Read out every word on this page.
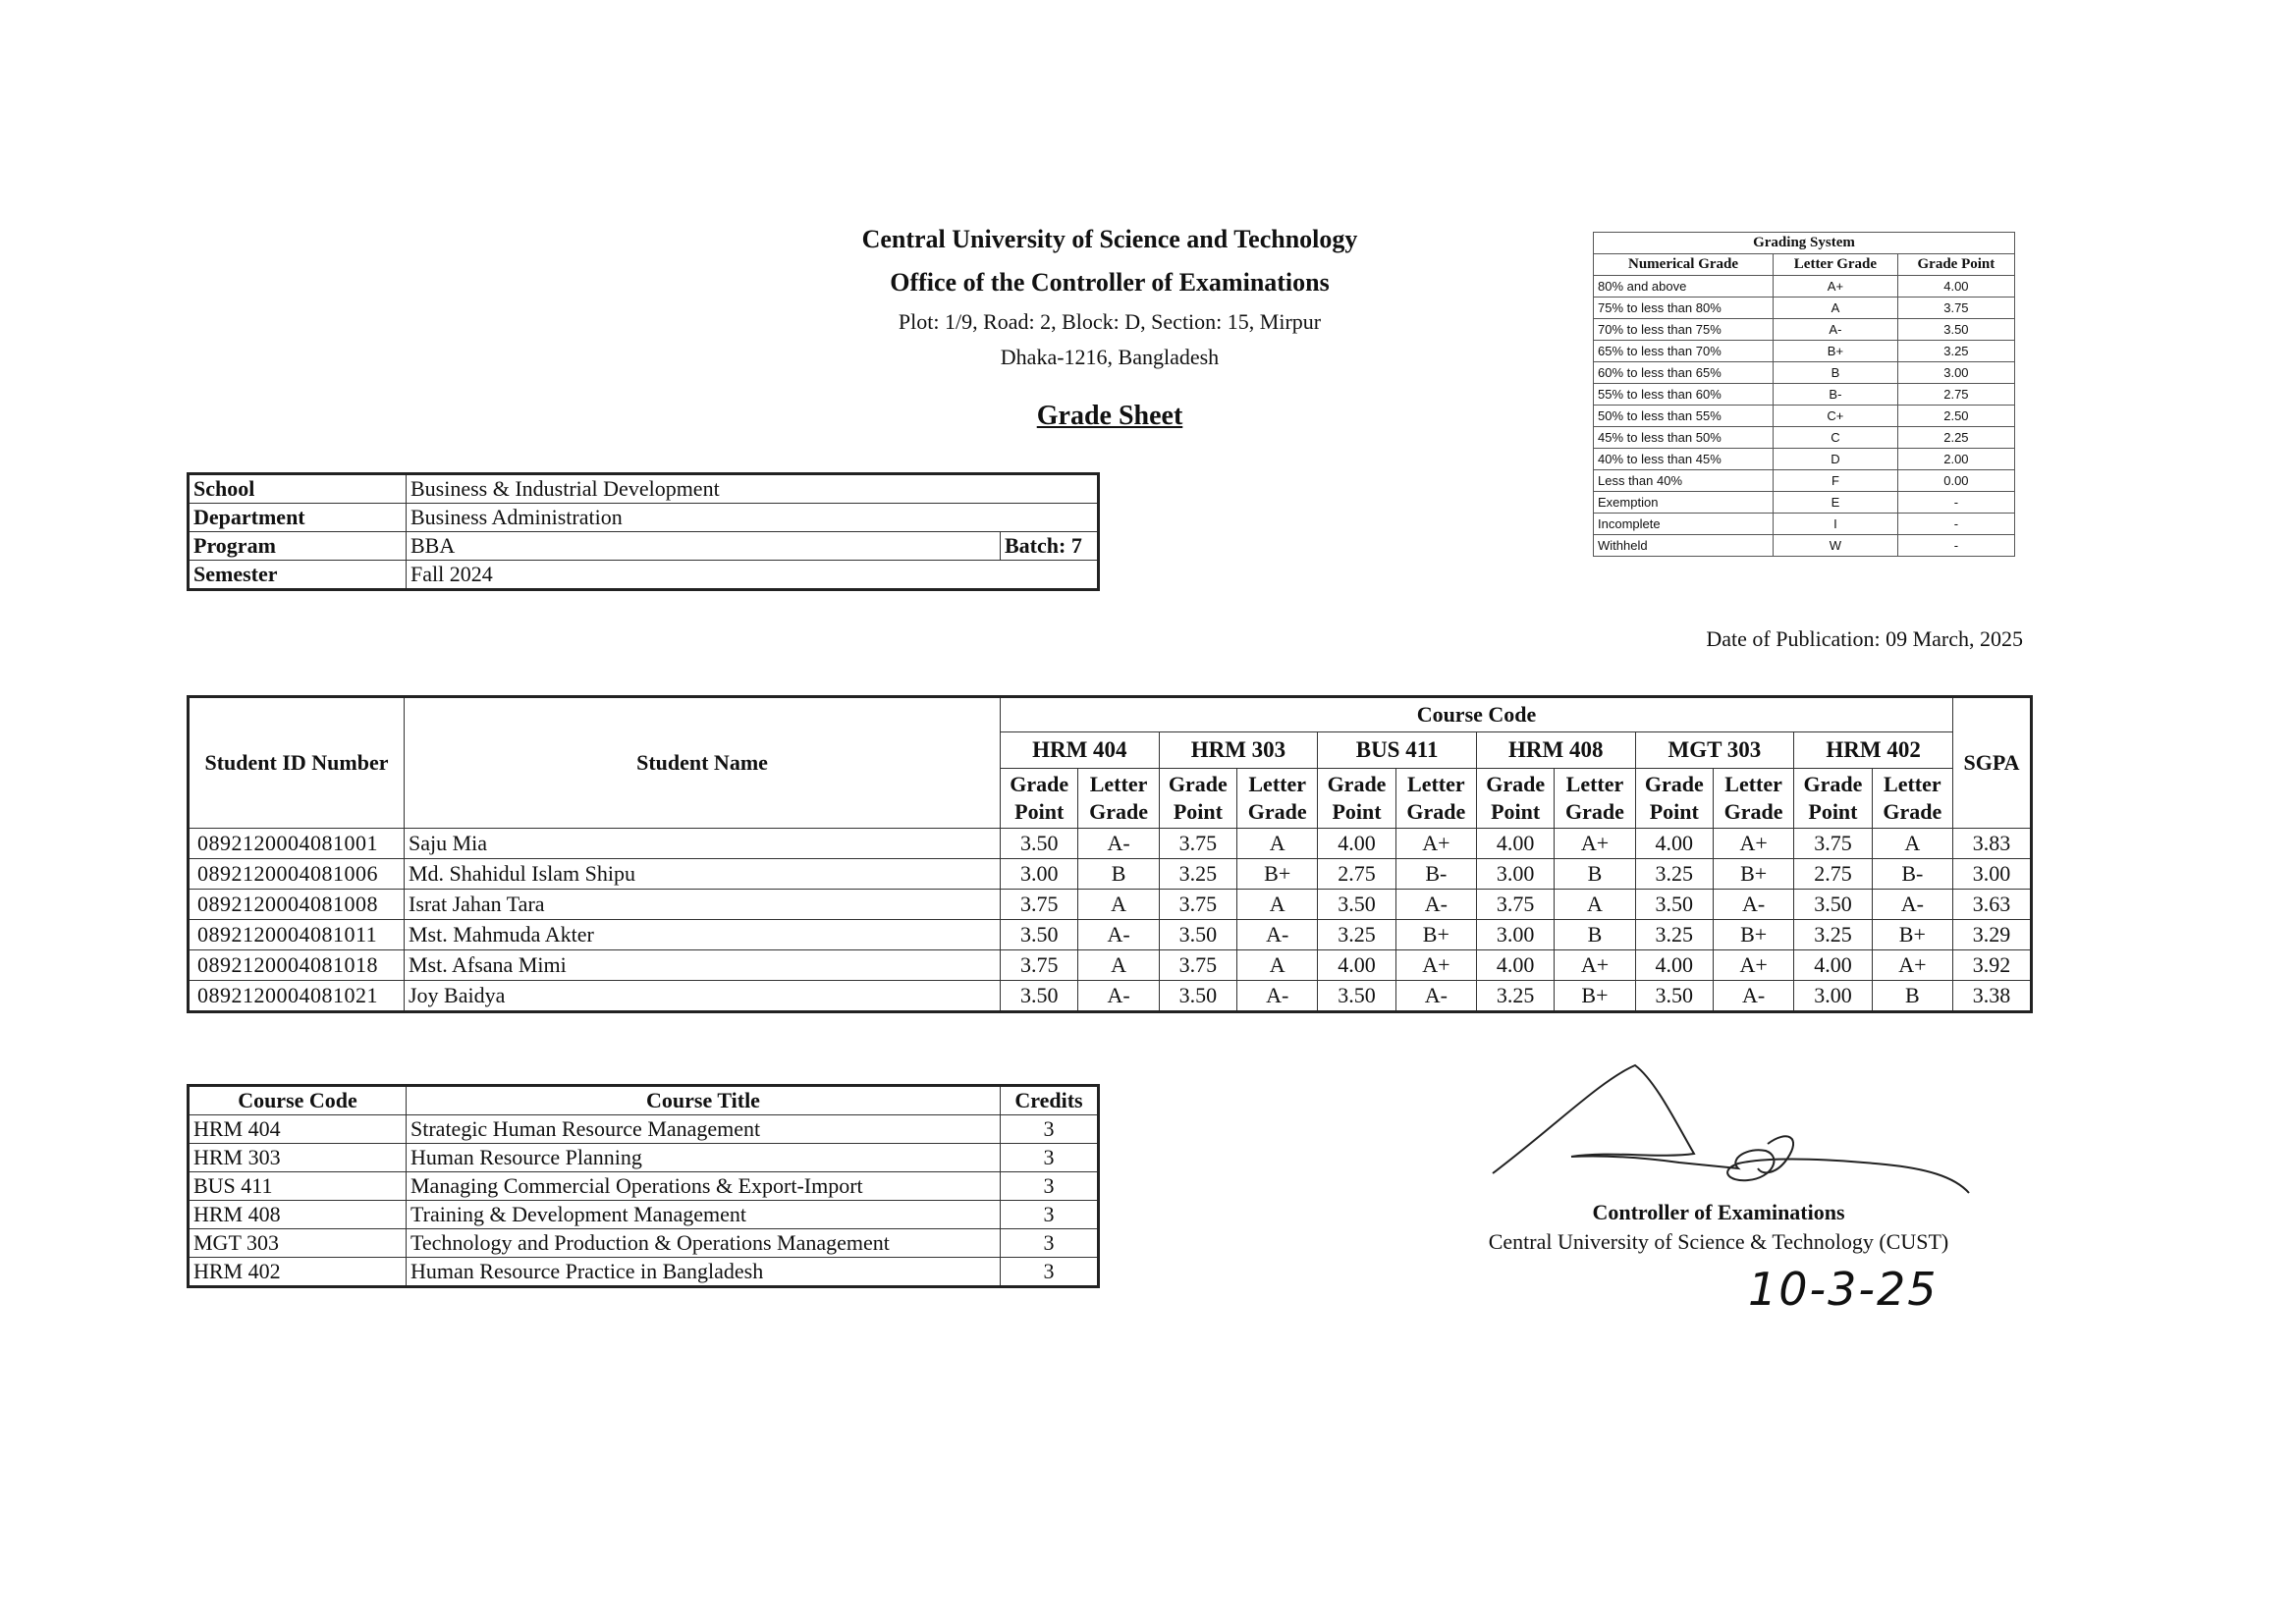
Central University of Science and Technology
Office of the Controller of Examinations
Plot: 1/9, Road: 2, Block: D, Section: 15, Mirpur
Dhaka-1216, Bangladesh
Grade Sheet
Grading System		
Numerical Grade	Letter Grade	Grade Point
80% and above	A+	4.00
75% to less than 80%	A	3.75
70% to less than 75%	A-	3.50
65% to less than 70%	B+	3.25
60% to less than 65%	B	3.00
55% to less than 60%	B-	2.75
50% to less than 55%	C+	2.50
45% to less than 50%	C	2.25
40% to less than 45%	D	2.00
Less than 40%	F	0.00
Exemption	E	-
Incomplete	I	-
Withheld	W	-
School	Business & Industrial Development	
Department	Business Administration	
Program	BBA	Batch: 7
Semester	Fall 2024	
Date of Publication: 09 March, 2025
Student ID Number	Student Name	Course Code												SGPA
		HRM 404		HRM 303		BUS 411		HRM 408		MGT 303		HRM 402		
		Grade Point	Letter Grade	Grade Point	Letter Grade	Grade Point	Letter Grade	Grade Point	Letter Grade	Grade Point	Letter Grade	Grade Point	Letter Grade	
0892120004081001	Saju Mia	3.50	A-	3.75	A	4.00	A+	4.00	A+	4.00	A+	3.75	A	3.83
0892120004081006	Md. Shahidul Islam Shipu	3.00	B	3.25	B+	2.75	B-	3.00	B	3.25	B+	2.75	B-	3.00
0892120004081008	Israt Jahan Tara	3.75	A	3.75	A	3.50	A-	3.75	A	3.50	A-	3.50	A-	3.63
0892120004081011	Mst. Mahmuda Akter	3.50	A-	3.50	A-	3.25	B+	3.00	B	3.25	B+	3.25	B+	3.29
0892120004081018	Mst. Afsana Mimi	3.75	A	3.75	A	4.00	A+	4.00	A+	4.00	A+	4.00	A+	3.92
0892120004081021	Joy Baidya	3.50	A-	3.50	A-	3.50	A-	3.25	B+	3.50	A-	3.00	B	3.38
Course Code	Course Title	Credits
HRM 404	Strategic Human Resource Management	3
HRM 303	Human Resource Planning	3
BUS 411	Managing Commercial Operations & Export-Import	3
HRM 408	Training & Development Management	3
MGT 303	Technology and Production & Operations Management	3
HRM 402	Human Resource Practice in Bangladesh	3
Controller of Examinations
Central University of Science & Technology (CUST)
10-3-25
